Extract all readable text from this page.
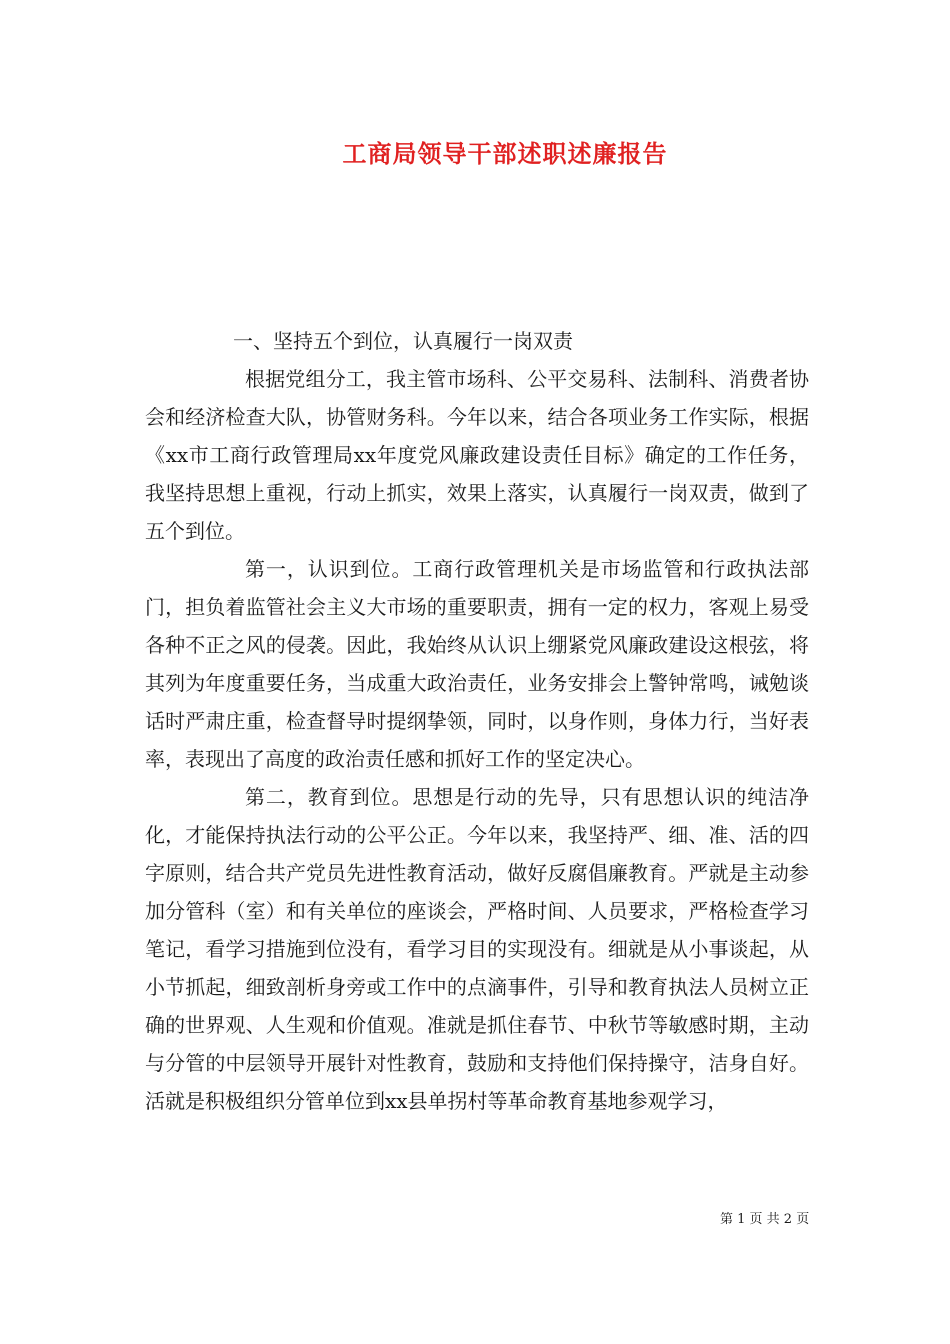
工商局领导干部述职述廉报告

一、坚持五个到位，认真履行一岗双责

根据党组分工，我主管市场科、公平交易科、法制科、消费者协会和经济检查大队，协管财务科。今年以来，结合各项业务工作实际，根据《xx市工商行政管理局xx年度党风廉政建设责任目标》确定的工作任务，我坚持思想上重视，行动上抓实，效果上落实，认真履行一岗双责，做到了五个到位。

第一，认识到位。工商行政管理机关是市场监管和行政执法部门，担负着监管社会主义大市场的重要职责，拥有一定的权力，客观上易受各种不正之风的侵袭。因此，我始终从认识上绷紧党风廉政建设这根弦，将其列为年度重要任务，当成重大政治责任，业务安排会上警钟常鸣，诫勉谈话时严肃庄重，检查督导时提纲挚领，同时，以身作则，身体力行，当好表率，表现出了高度的政治责任感和抓好工作的坚定决心。

第二，教育到位。思想是行动的先导，只有思想认识的纯洁净化，才能保持执法行动的公平公正。今年以来，我坚持严、细、准、活的四字原则，结合共产党员先进性教育活动，做好反腐倡廉教育。严就是主动参加分管科（室）和有关单位的座谈会，严格时间、人员要求，严格检查学习笔记，看学习措施到位没有，看学习目的实现没有。细就是从小事谈起，从小节抓起，细致剖析身旁或工作中的点滴事件，引导和教育执法人员树立正确的世界观、人生观和价值观。准就是抓住春节、中秋节等敏感时期，主动与分管的中层领导开展针对性教育，鼓励和支持他们保持操守，洁身自好。活就是积极组织分管单位到xx县单拐村等革命教育基地参观学习，

第 1 页 共 2 页
